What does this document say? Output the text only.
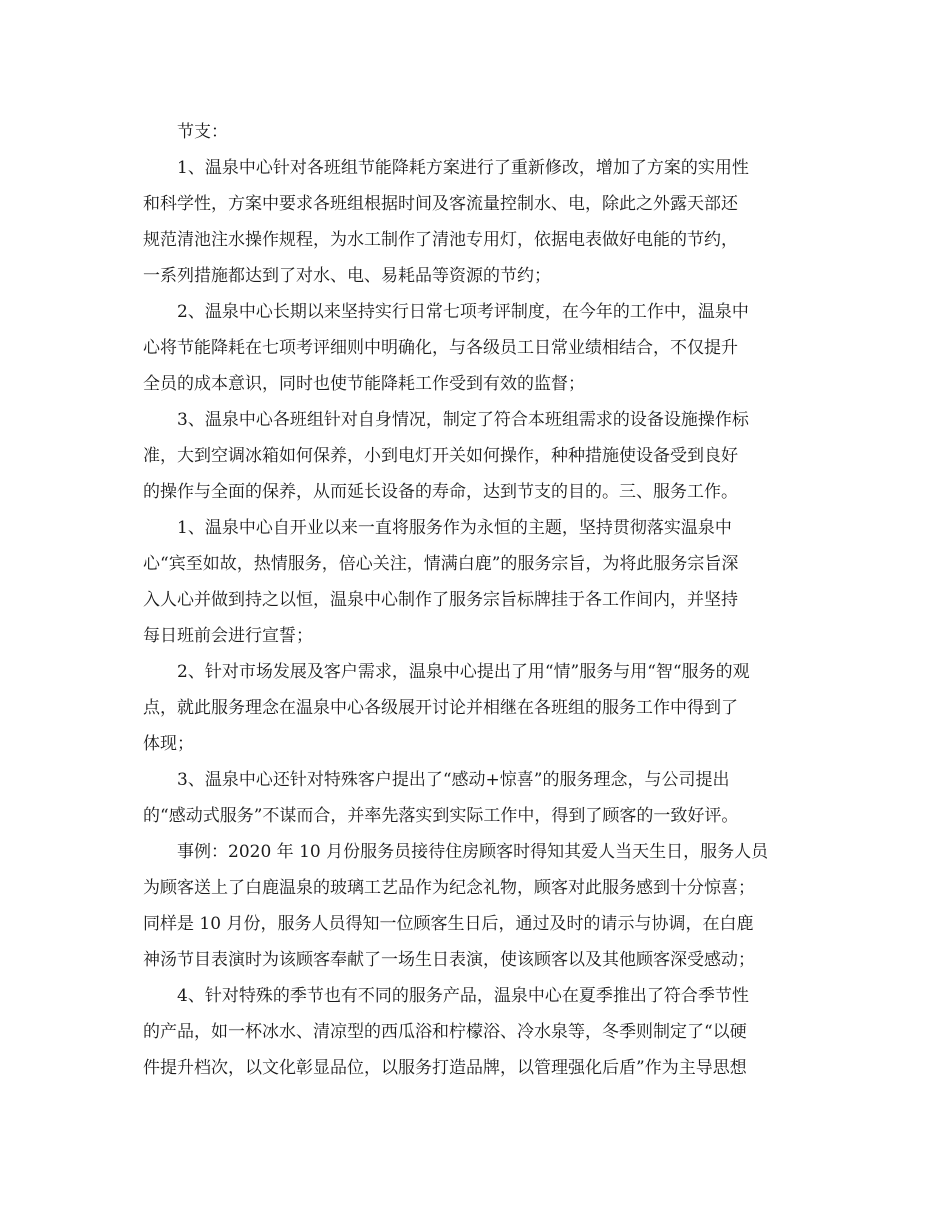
节支：
1、温泉中心针对各班组节能降耗方案进行了重新修改，增加了方案的实用性
和科学性，方案中要求各班组根据时间及客流量控制水、电，除此之外露天部还
规范清池注水操作规程，为水工制作了清池专用灯，依据电表做好电能的节约，
一系列措施都达到了对水、电、易耗品等资源的节约；
2、温泉中心长期以来坚持实行日常七项考评制度，在今年的工作中，温泉中
心将节能降耗在七项考评细则中明确化，与各级员工日常业绩相结合，不仅提升
全员的成本意识，同时也使节能降耗工作受到有效的监督；
3、温泉中心各班组针对自身情况，制定了符合本班组需求的设备设施操作标
准，大到空调冰箱如何保养，小到电灯开关如何操作，种种措施使设备受到良好
的操作与全面的保养，从而延长设备的寿命，达到节支的目的。三、服务工作。
1、温泉中心自开业以来一直将服务作为永恒的主题，坚持贯彻落实温泉中
心“宾至如故，热情服务，倍心关注，情满白鹿”的服务宗旨，为将此服务宗旨深
入人心并做到持之以恒，温泉中心制作了服务宗旨标牌挂于各工作间内，并坚持
每日班前会进行宣誓；
2、针对市场发展及客户需求，温泉中心提出了用“情”服务与用“智“服务的观
点，就此服务理念在温泉中心各级展开讨论并相继在各班组的服务工作中得到了
体现；
3、温泉中心还针对特殊客户提出了“感动+惊喜”的服务理念，与公司提出
的“感动式服务”不谋而合，并率先落实到实际工作中，得到了顾客的一致好评。
事例：2020 年 10 月份服务员接待住房顾客时得知其爱人当天生日，服务人员
为顾客送上了白鹿温泉的玻璃工艺品作为纪念礼物，顾客对此服务感到十分惊喜；
同样是 10 月份，服务人员得知一位顾客生日后，通过及时的请示与协调，在白鹿
神汤节目表演时为该顾客奉献了一场生日表演，使该顾客以及其他顾客深受感动；
4、针对特殊的季节也有不同的服务产品，温泉中心在夏季推出了符合季节性
的产品，如一杯冰水、清凉型的西瓜浴和柠檬浴、冷水泉等，冬季则制定了“以硬
件提升档次，以文化彰显品位，以服务打造品牌，以管理强化后盾”作为主导思想
